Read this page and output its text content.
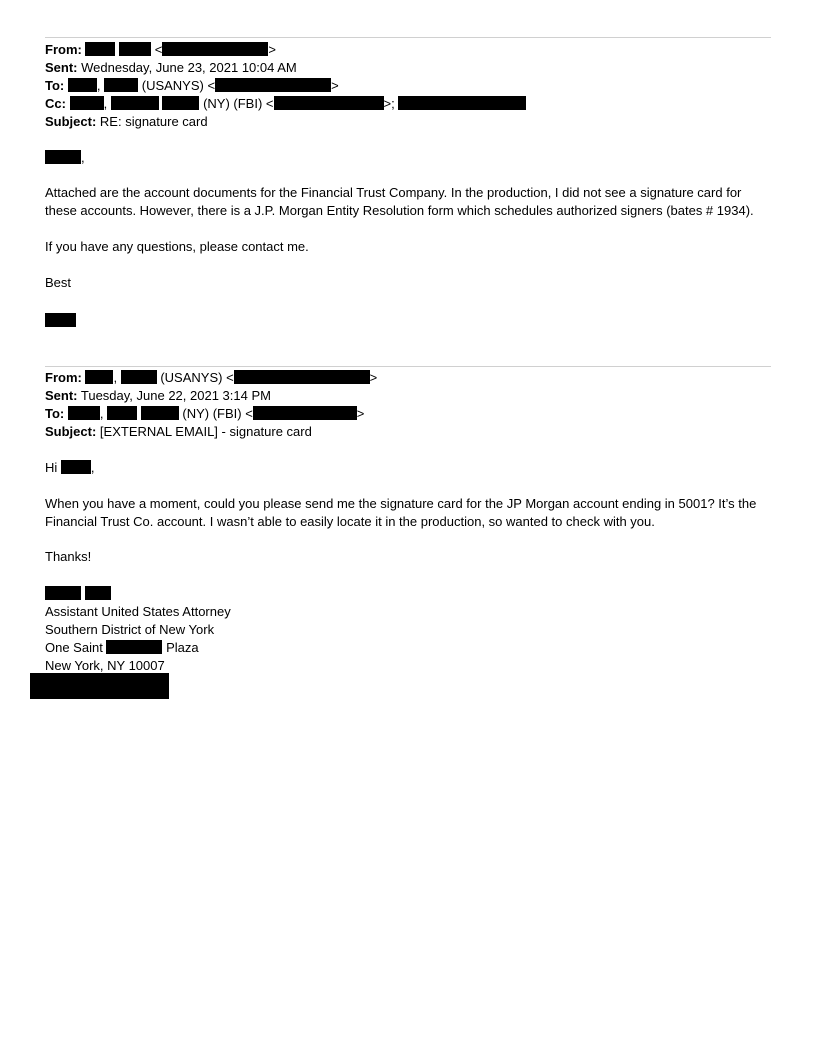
From:	<	>
Sent: Wednesday, June 23, 2021 10:04 AM
To:	,	(USANYS) <	>
Cc:	,	(NY) (FBI) <	>;
Subject: RE: signature card
,
Attached are the account documents for the Financial Trust Company. In the production, I did not see a signature card for these accounts. However, there is a J.P. Morgan Entity Resolution form which schedules authorized signers (bates # 1934).
If you have any questions, please contact me.
Best
From: ,	(USANYS) <	>
Sent: Tuesday, June 22, 2021 3:14 PM
To:	,	(NY) (FBI) <	>
Subject: [EXTERNAL EMAIL] - signature card
Hi	,
When you have a moment, could you please send me the signature card for the JP Morgan account ending in 5001? It’s the Financial Trust Co. account. I wasn’t able to easily locate it in the production, so wanted to check with you.
Thanks!

Assistant United States Attorney
Southern District of New York
One Saint	Plaza
New York, NY 10007
